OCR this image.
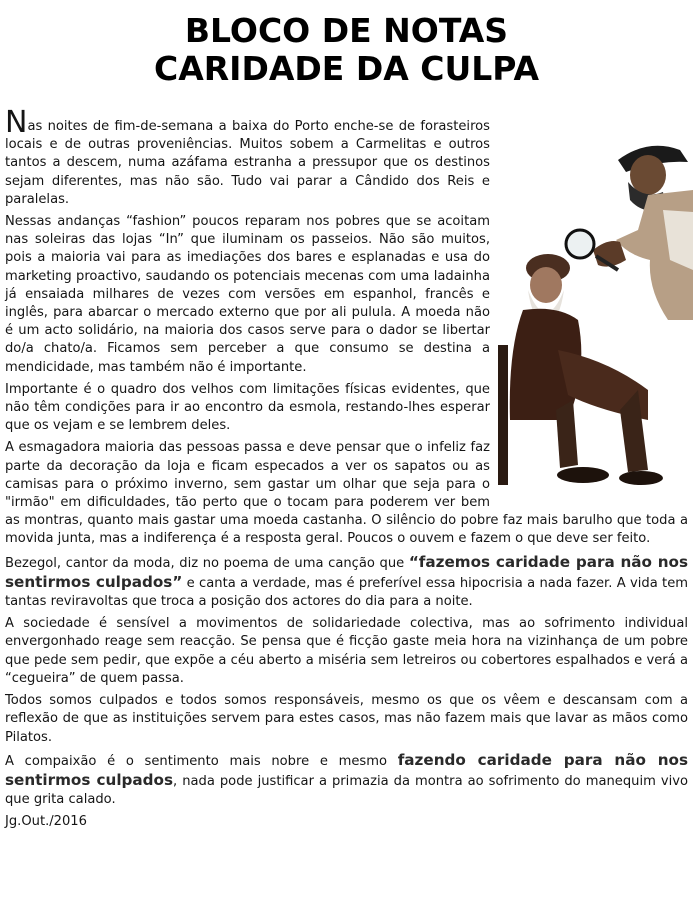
BLOCO DE NOTAS
CARIDADE DA CULPA

Nas noites de fim-de-semana a baixa do Porto enche-se de forasteiros locais e de outras proveniências. Muitos sobem a Carmelitas e outros tantos a descem, numa azáfama estranha a pressupor que os destinos sejam diferentes, mas não são. Tudo vai parar a Cândido dos Reis e paralelas.

Nessas andanças “fashion” poucos reparam nos pobres que se acoitam nas soleiras das lojas “In” que iluminam os passeios. Não são muitos, pois a maioria vai para as imediações dos bares e esplanadas e usa do marketing proactivo, saudando os potenciais mecenas com uma ladainha já ensaiada milhares de vezes com versões em espanhol, francês e inglês, para abarcar o mercado externo que por ali pulula. A moeda não é um acto solidário, na maioria dos casos serve para o dador se libertar do/a chato/a. Ficamos sem perceber a que consumo se destina a mendicidade, mas também não é importante.

Importante é o quadro dos velhos com limitações físicas evidentes, que não têm condições para ir ao encontro da esmola, restando-lhes esperar que os vejam e se lembrem deles.

A esmagadora maioria das pessoas passa e deve pensar que o infeliz faz parte da decoração da loja e ficam especados a ver os sapatos ou as camisas para o próximo inverno, sem gastar um olhar que seja para o "irmão" em dificuldades, tão perto que o tocam para poderem ver bem as montras, quanto mais gastar uma moeda castanha. O silêncio do pobre faz mais barulho que toda a movida junta, mas a indiferença é a resposta geral. Poucos o ouvem e fazem o que deve ser feito.

Bezegol, cantor da moda, diz no poema de uma canção que “fazemos caridade para não nos sentirmos culpados” e canta a verdade, mas é preferível essa hipocrisia a nada fazer. A vida tem tantas reviravoltas que troca a posição dos actores do dia para a noite.

A sociedade é sensível a movimentos de solidariedade colectiva, mas ao sofrimento individual envergonhado reage sem reacção. Se pensa que é ficção gaste meia hora na vizinhança de um pobre que pede sem pedir, que expõe a céu aberto a miséria sem letreiros ou cobertores espalhados e verá a “cegueira” de quem passa.

Todos somos culpados e todos somos responsáveis, mesmo os que os vêem e descansam com a reflexão de que as instituições servem para estes casos, mas não fazem mais que lavar as mãos como Pilatos.

A compaixão é o sentimento mais nobre e mesmo fazendo caridade para não nos sentirmos culpados, nada pode justificar a primazia da montra ao sofrimento do manequim vivo que grita calado.

Jg.Out./2016
